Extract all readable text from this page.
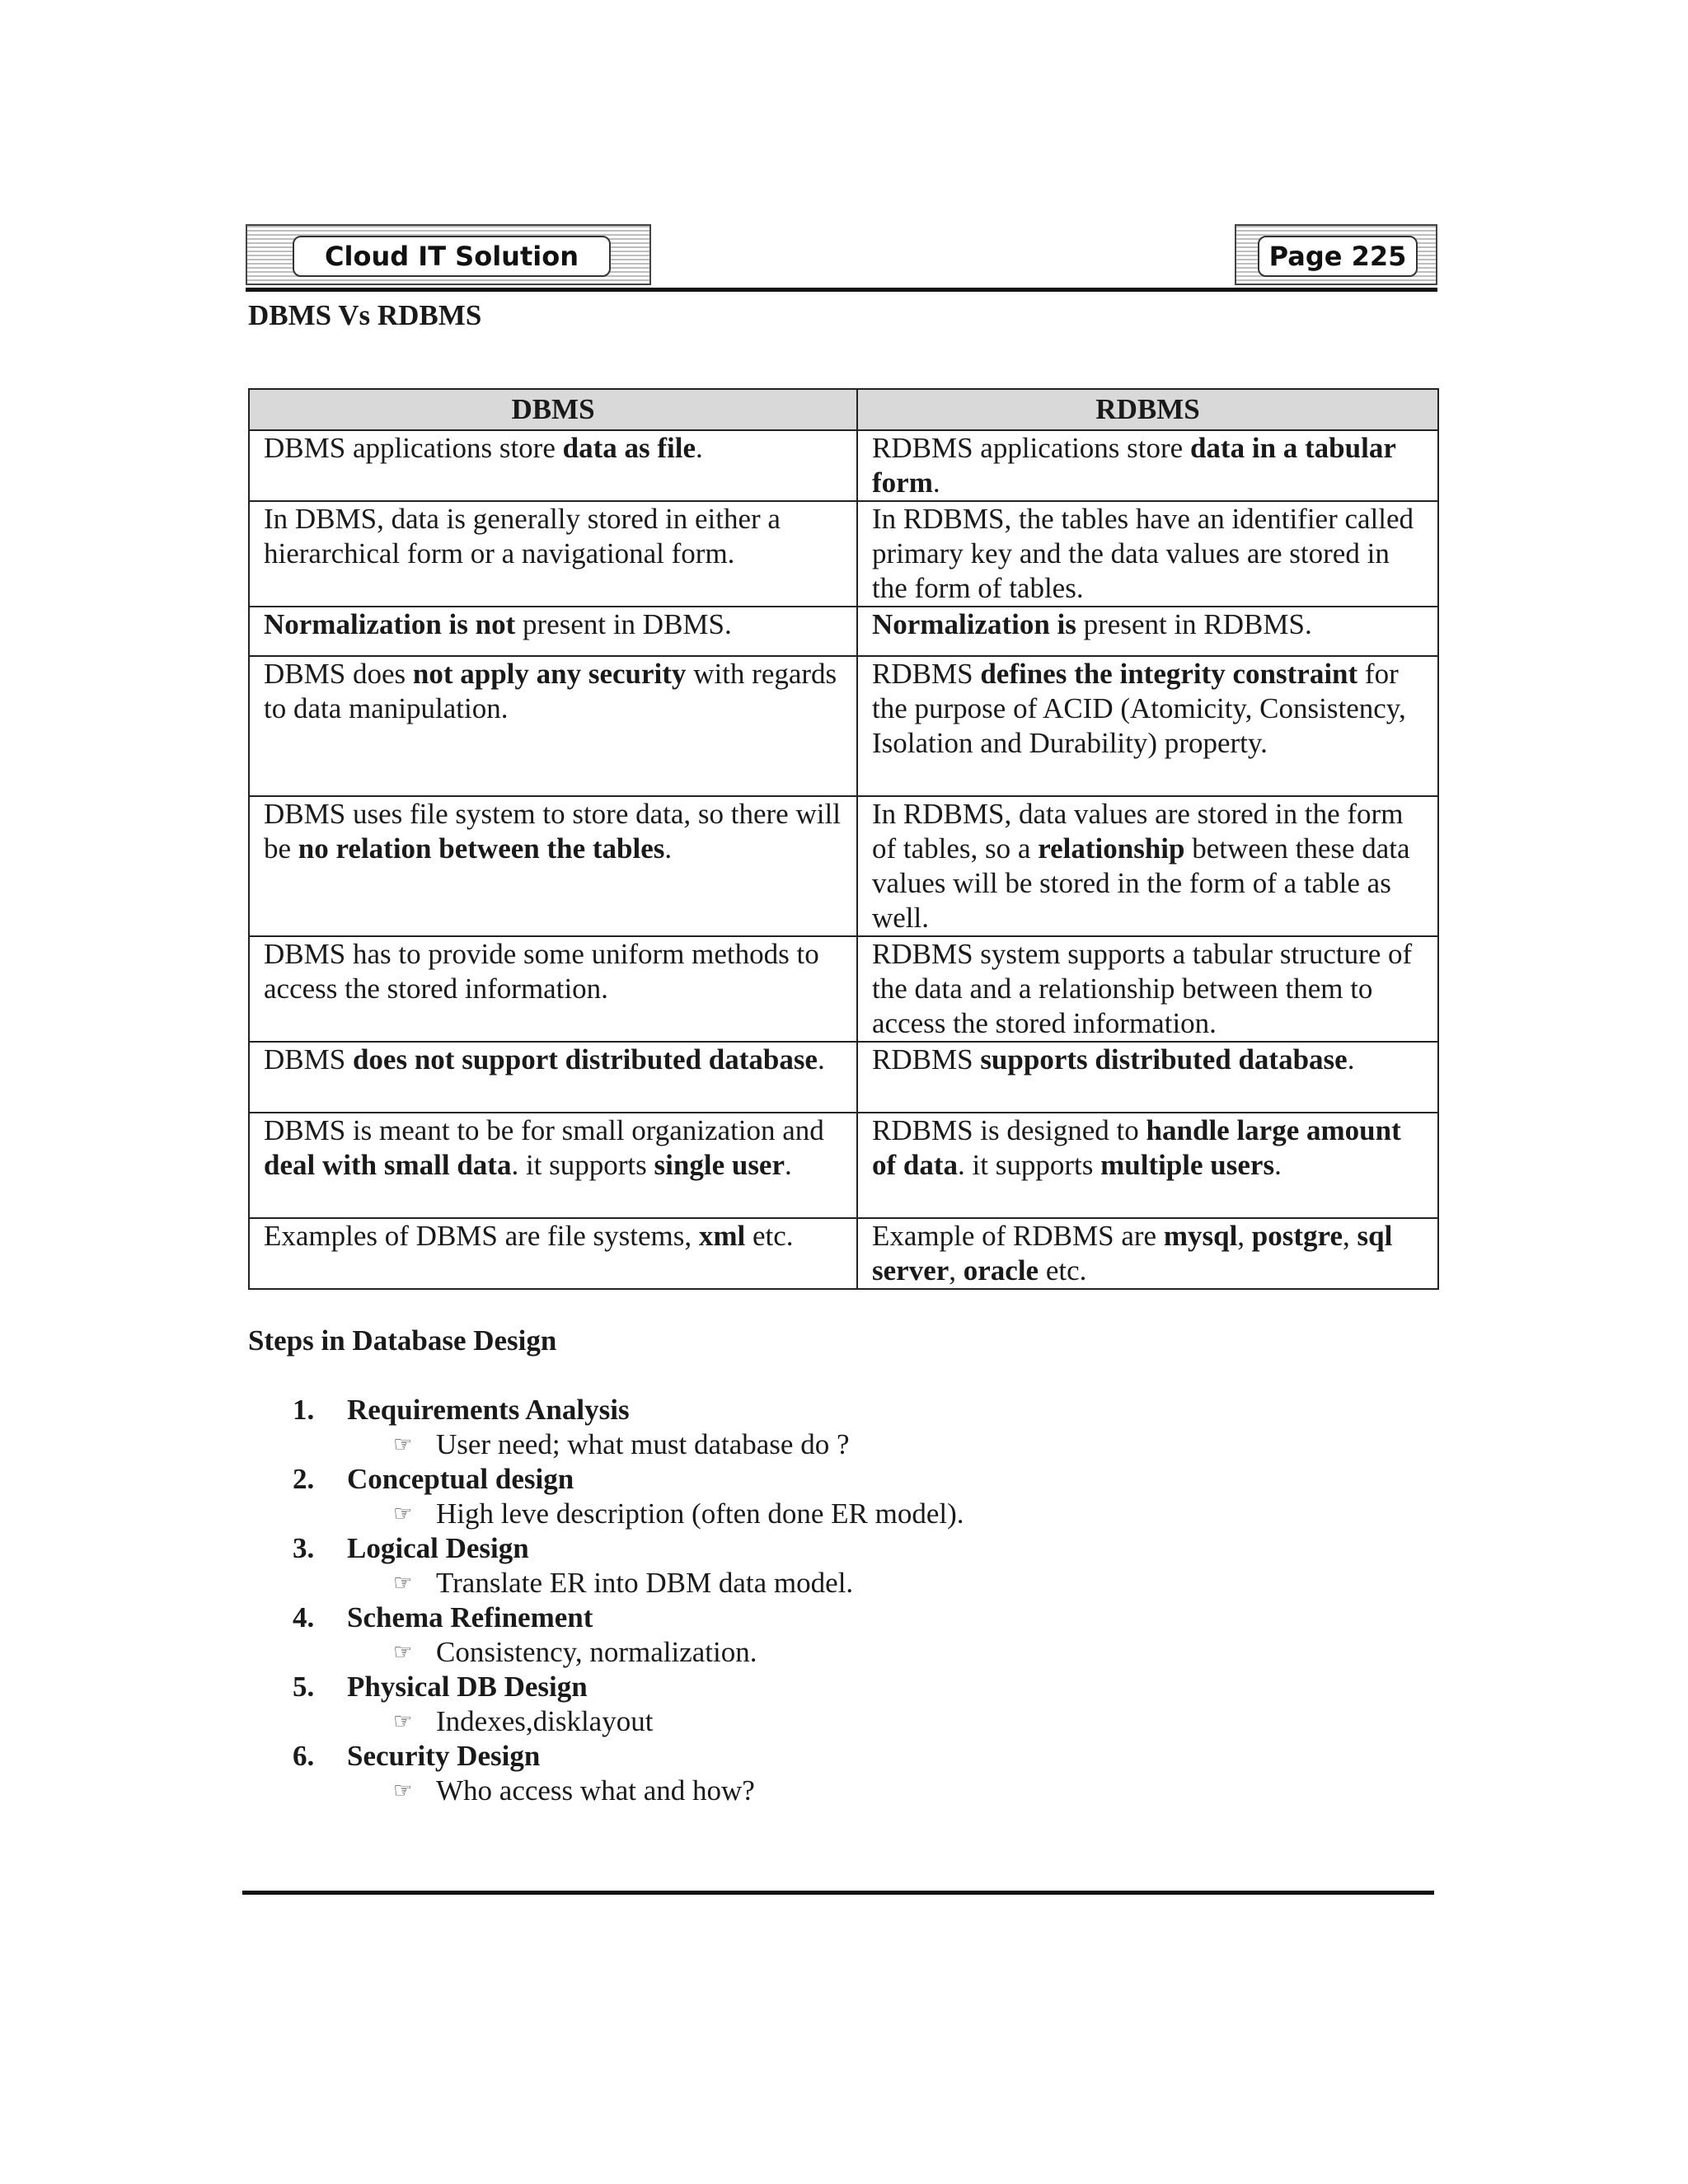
Cloud IT Solution	Page 225
DBMS Vs RDBMS
DBMS	RDBMS
DBMS applications store data as file.	RDBMS applications store data in a tabular form.
In DBMS, data is generally stored in either a hierarchical form or a navigational form.	In RDBMS, the tables have an identifier called primary key and the data values are stored in the form of tables.
Normalization is not present in DBMS.	Normalization is present in RDBMS.
DBMS does not apply any security with regards to data manipulation.	RDBMS defines the integrity constraint for the purpose of ACID (Atomicity, Consistency, Isolation and Durability) property.
DBMS uses file system to store data, so there will be no relation between the tables.	In RDBMS, data values are stored in the form of tables, so a relationship between these data values will be stored in the form of a table as well.
DBMS has to provide some uniform methods to access the stored information.	RDBMS system supports a tabular structure of the data and a relationship between them to access the stored information.
DBMS does not support distributed database.	RDBMS supports distributed database.
DBMS is meant to be for small organization and deal with small data. it supports single user.	RDBMS is designed to handle large amount of data. it supports multiple users.
Examples of DBMS are file systems, xml etc.	Example of RDBMS are mysql, postgre, sql server, oracle etc.
Steps in Database Design
1.	Requirements Analysis
☞ User need; what must database do ?
2.	Conceptual design
☞ High leve description (often done ER model).
3.	Logical Design
☞ Translate ER into DBM data model.
4.	Schema Refinement
☞ Consistency, normalization.
5.	Physical DB Design
☞ Indexes,disklayout
6.	Security Design
☞ Who access what and how?
